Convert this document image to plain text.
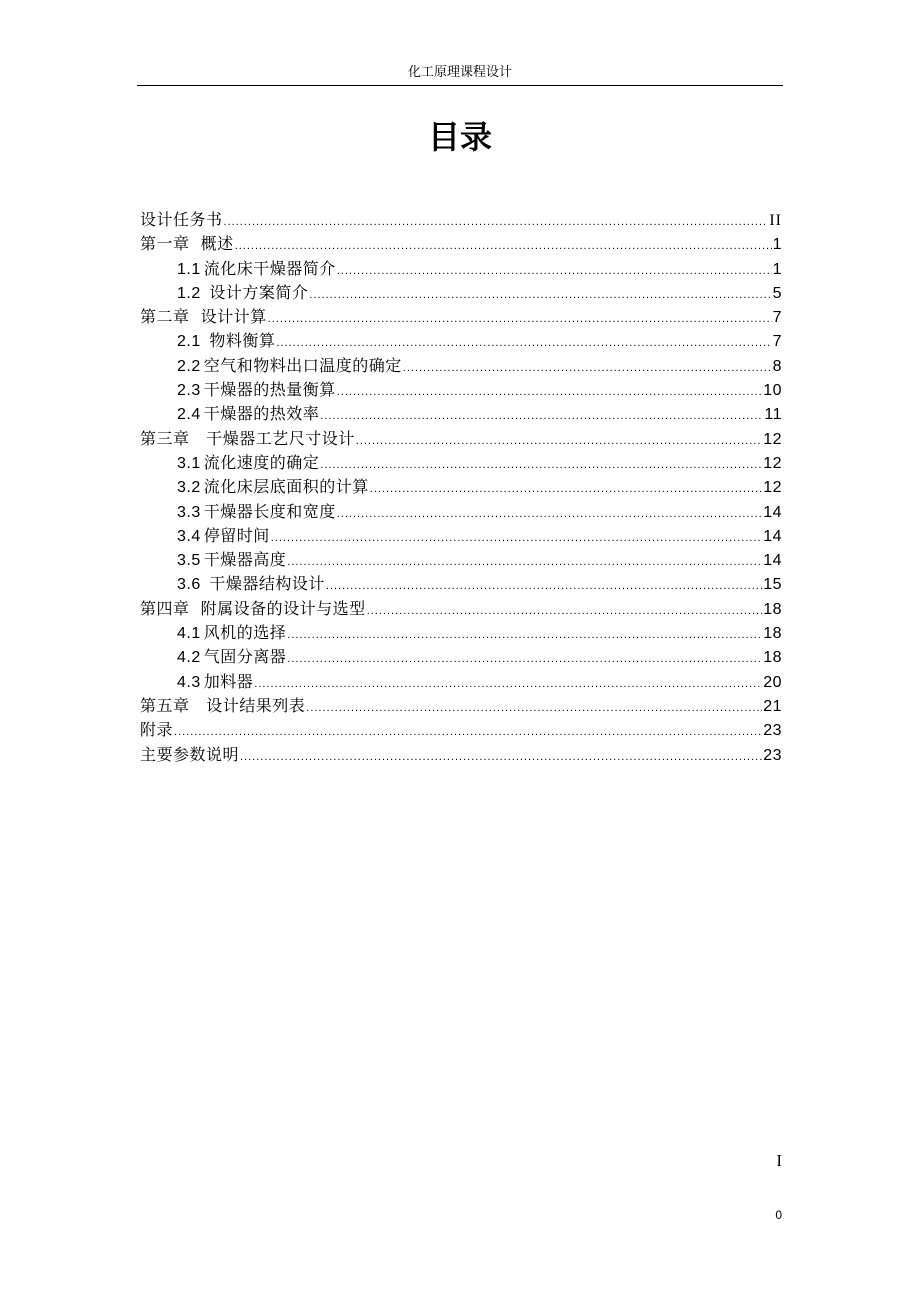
化工原理课程设计
目录
设计任务书 .....	II
第一章  概述 .....	1
1.1 流化床干燥器简介 .....	1
1.2 设计方案简介 .....	5
第二章  设计计算 .....	7
2.1 物料衡算 .....	7
2.2 空气和物料出口温度的确定 .....	8
2.3 干燥器的热量衡算 .....	10
2.4 干燥器的热效率 .....	11
第三章   干燥器工艺尺寸设计 .....	12
3.1 流化速度的确定 .....	12
3.2 流化床层底面积的计算 .....	12
3.3 干燥器长度和宽度 .....	14
3.4 停留时间 .....	14
3.5 干燥器高度 .....	14
3.6 干燥器结构设计 .....	15
第四章  附属设备的设计与选型 .....	18
4.1 风机的选择 .....	18
4.2 气固分离器 .....	18
4.3 加料器 .....	20
第五章   设计结果列表 .....	21
附录 .....	23
主要参数说明 .....	23
I
0
